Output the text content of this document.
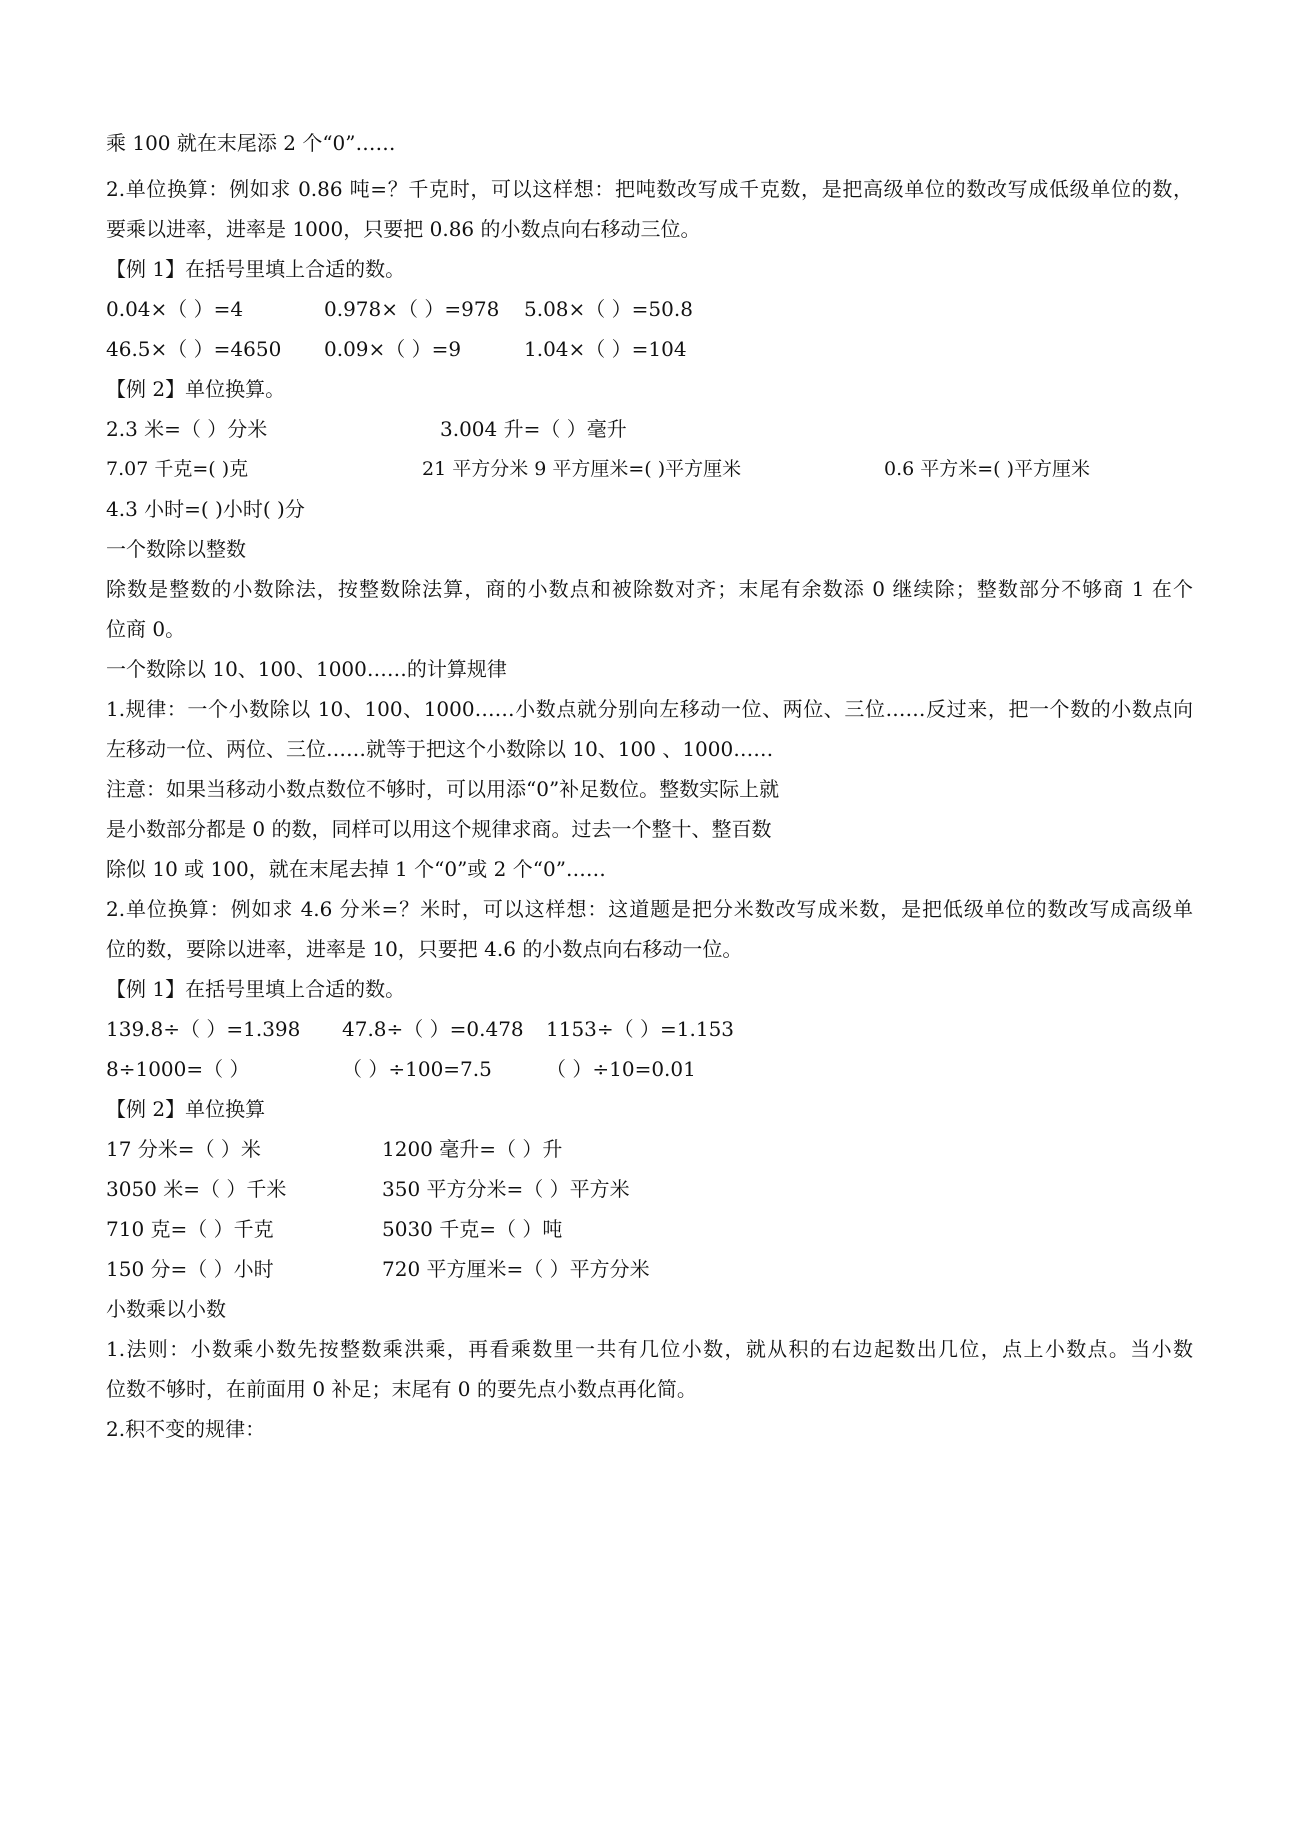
乘 100 就在末尾添 2 个“0”……
2.单位换算：例如求 0.86 吨=？千克时，可以这样想：把吨数改写成千克数，是把高级单位的数改写成低级单位的数，
要乘以进率，进率是 1000，只要把 0.86 的小数点向右移动三位。
【例 1】在括号里填上合适的数。
0.04×（ ）=4	0.978×（ ）=978 5.08×（ ）=50.8
46.5×（ ）=4650 0.09×（ ）=9	1.04×（ ）=104
【例 2】单位换算。
2.3 米=（ ）分米	3.004 升=（ ）毫升
7.07 千克=( )克	21 平方分米 9 平方厘米=( )平方厘米	0.6 平方米=( )平方厘米
4.3 小时=( )小时( )分
一个数除以整数
除数是整数的小数除法，按整数除法算，商的小数点和被除数对齐；末尾有余数添 0 继续除；整数部分不够商 1 在个
位商 0。
一个数除以 10、100、1000……的计算规律
1.规律：一个小数除以 10、100、1000……小数点就分别向左移动一位、两位、三位……反过来，把一个数的小数点向
左移动一位、两位、三位……就等于把这个小数除以 10、100 、1000……
注意：如果当移动小数点数位不够时，可以用添“0”补足数位。整数实际上就
是小数部分都是 0 的数，同样可以用这个规律求商。过去一个整十、整百数
除似 10 或 100，就在末尾去掉 1 个“0”或 2 个“0”……
2.单位换算：例如求 4.6 分米=？米时，可以这样想：这道题是把分米数改写成米数，是把低级单位的数改写成高级单
位的数，要除以进率，进率是 10，只要把 4.6 的小数点向右移动一位。
【例 1】在括号里填上合适的数。
139.8÷（ ）=1.398 47.8÷（ ）=0.478 1153÷（ ）=1.153
8÷1000=（ ）	（ ）÷100=7.5	（ ）÷10=0.01
【例 2】单位换算
17 分米=（ ）米	1200 毫升=（ ）升
3050 米=（ ）千米	350 平方分米=（ ）平方米
710 克=（ ）千克	5030 千克=（ ）吨
150 分=（ ）小时	720 平方厘米=（ ）平方分米
小数乘以小数
1.法则：小数乘小数先按整数乘洪乘，再看乘数里一共有几位小数，就从积的右边起数出几位，点上小数点。当小数
位数不够时，在前面用 0 补足；末尾有 0 的要先点小数点再化简。
2.积不变的规律：
